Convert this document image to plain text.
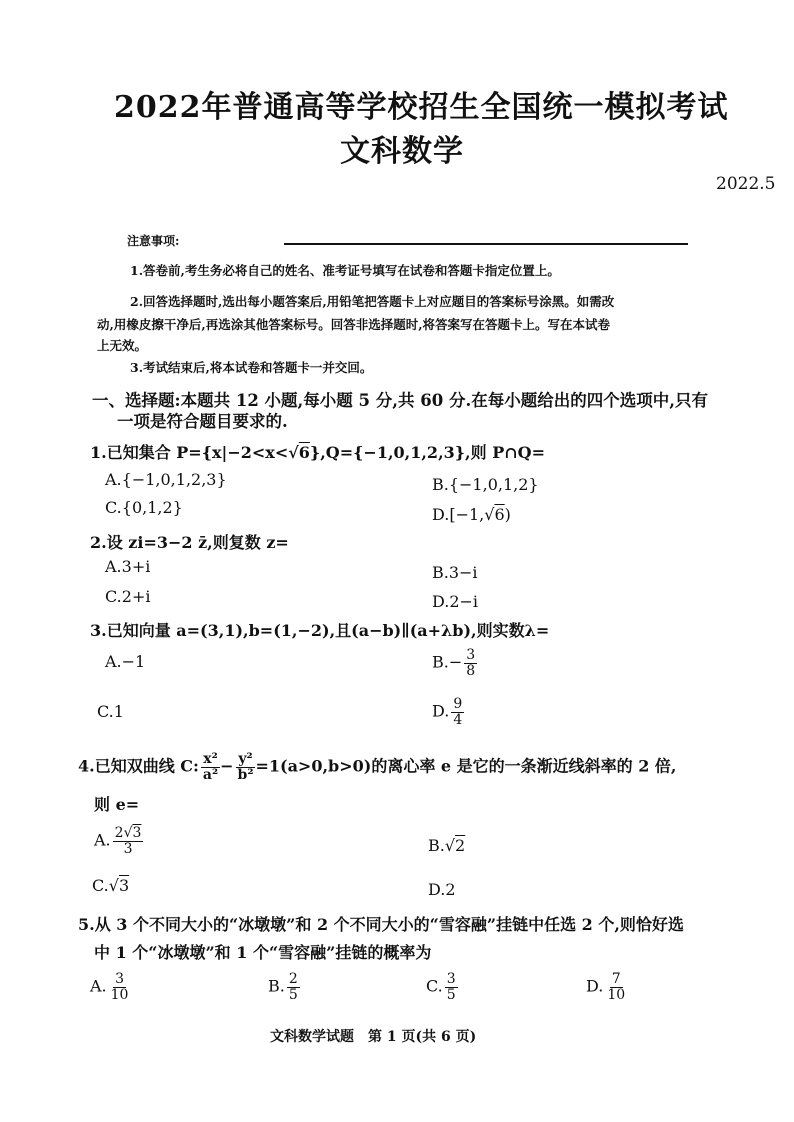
2022年普通高等学校招生全国统一模拟考试
文科数学
2022.5
注意事项:
1.答卷前,考生务必将自己的姓名、准考证号填写在试卷和答题卡指定位置上。
2.回答选择题时,选出每小题答案后,用铅笔把答题卡上对应题目的答案标号涂黑。如需改
动,用橡皮擦干净后,再选涂其他答案标号。回答非选择题时,将答案写在答题卡上。写在本试卷
上无效。
3.考试结束后,将本试卷和答题卡一并交回。
一、选择题:本题共 12 小题,每小题 5 分,共 60 分.在每小题给出的四个选项中,只有
一项是符合题目要求的.
1.已知集合 P={x|−2<x<√6},Q={−1,0,1,2,3},则 P∩Q=
A.{−1,0,1,2,3}	B.{−1,0,1,2}
C.{0,1,2}	D.[−1,√6)
2.设 zi=3−2 z̄,则复数 z=
A.3+i	B.3−i
C.2+i	D.2−i
3.已知向量 a=(3,1),b=(1,−2),且(a−b)∥(a+λb),则实数λ=
A.−1	$B.- \frac{3}{8}$
C.1	D. $\frac{9}{4}$
4.已知双曲线 C: $\frac{\text{x²}}{\text{a²}} - \frac{\text{y²}}{\text{b²}} =1(a>0,b>0)$的离心率 e 是它的一条渐近线斜率的 2 倍,
则 e=
A. $\frac{2√3}{3}$	B.√2
C.√3	D.2
5.从 3 个不同大小的“冰墩墩”和 2 个不同大小的“雪容融”挂链中任选 2 个,则恰好选
中 1 个“冰墩墩”和 1 个“雪容融”挂链的概率为
A. $\frac{3}{10}$	B. $\frac{2}{5}$	C. $\frac{3}{5}$	D. $\frac{7}{10}$
文科数学试题　第 1 页(共 6 页)
